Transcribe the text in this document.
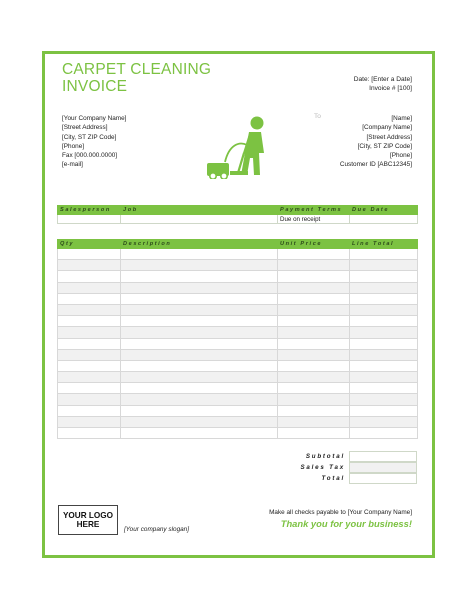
CARPET CLEANING
INVOICE	Date: [Enter a Date]
Invoice # [100]
[Your Company Name]
[Street Address]
[City, ST ZIP Code]
[Phone]
Fax [000.000.0000]
[e-mail]
To	[Name]
[Company Name]
[Street Address]
[City, ST ZIP Code]
[Phone]
Customer ID [ABC12345]
Salesperson	Job	Payment Terms	Due Date
		Due on receipt	
Qty	Description	Unit Price	Line Total

Subtotal
Sales Tax
Total
YOUR LOGO
HERE
[Your company slogan]
Make all checks payable to [Your Company Name]
Thank you for your business!
